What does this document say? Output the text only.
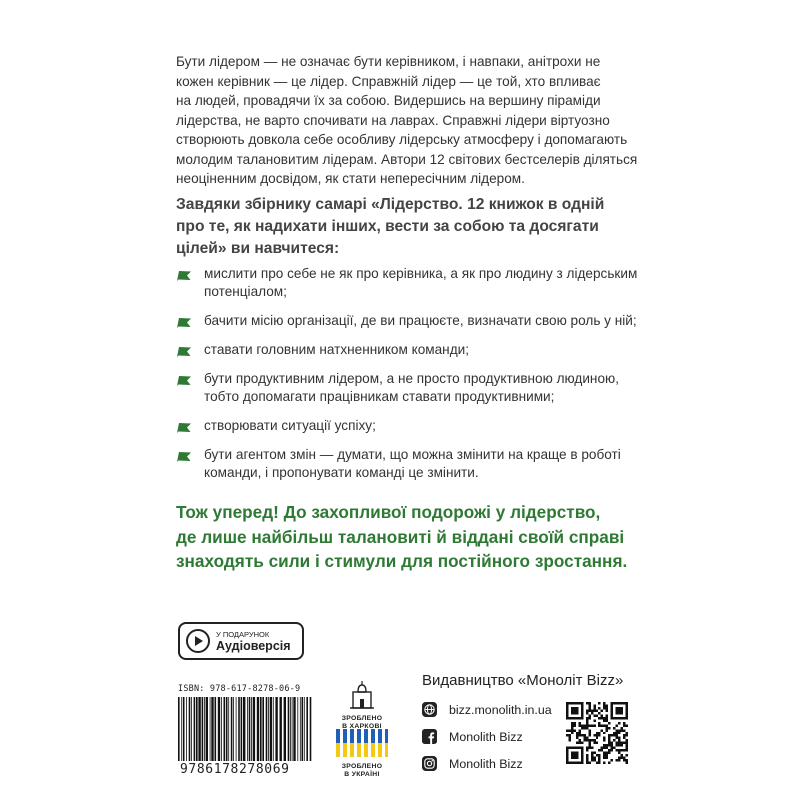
Бути лідером — не означає бути керівником, і навпаки, анітрохи не
кожен керівник — це лідер. Справжній лідер — це той, хто впливає
на людей, провадячи їх за собою. Видершись на вершину піраміди
лідерства, не варто спочивати на лаврах. Справжні лідери віртуозно
створюють довкола себе особливу лідерську атмосферу і допомагають
молодим талановитим лідерам. Автори 12 світових бестселерів діляться
неоціненним досвідом, як стати непересічним лідером.
Завдяки збірнику самарі «Лідерство. 12 книжок в одній
про те, як надихати інших, вести за собою та досягати
цілей» ви навчитеся:
мислити про себе не як про керівника, а як про людину з лідерським
потенціалом;
бачити місію організації, де ви працюєте, визначати свою роль у ній;
ставати головним натхненником команди;
бути продуктивним лідером, а не просто продуктивною людиною,
тобто допомагати працівникам ставати продуктивними;
створювати ситуації успіху;
бути агентом змін — думати, що можна змінити на краще в роботі
команди, і пропонувати команді це змінити.
Тож уперед! До захопливої подорожі у лідерство,
де лише найбільш талановиті й віддані своїй справі
знаходять сили і стимули для постійного зростання.
У ПОДАРУНОК
Аудіоверсія
ISBN: 978-617-8278-06-9
9786178278069
ЗРОБЛЕНО
В ХАРКОВІ
ЗРОБЛЕНО
В УКРАЇНІ
Видавництво «Моноліт Bizz»
bizz.monolith.in.ua
Monolith Bizz
Monolith Bizz
